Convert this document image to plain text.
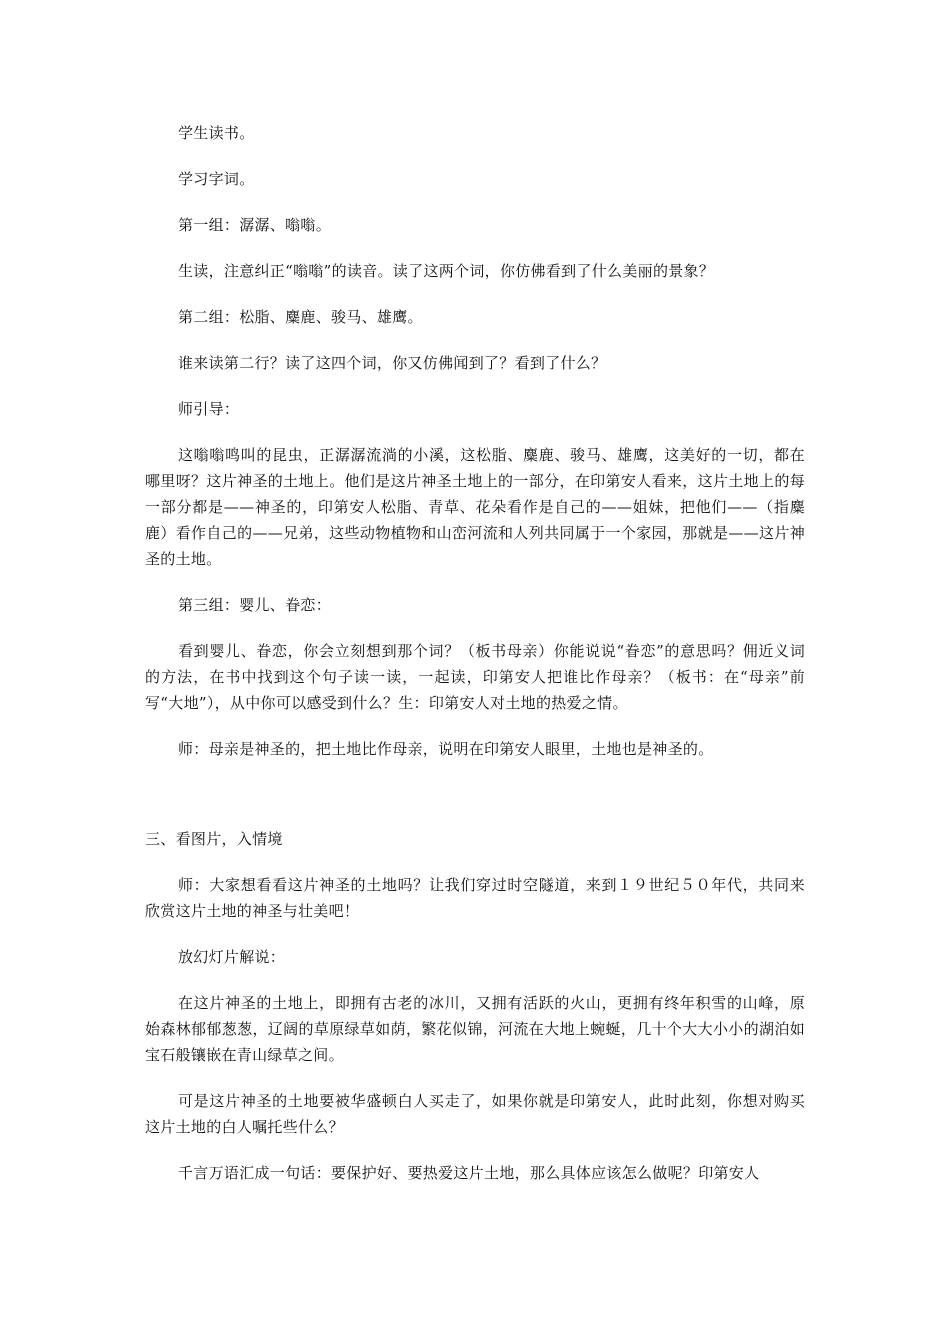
学生读书。

学习字词。

第一组：潺潺、嗡嗡。

生读，注意纠正“嗡嗡”的读音。读了这两个词，你仿佛看到了什么美丽的景象？

第二组：松脂、麋鹿、骏马、雄鹰。

谁来读第二行？读了这四个词，你又仿佛闻到了？看到了什么？

师引导：

这嗡嗡鸣叫的昆虫，正潺潺流淌的小溪，这松脂、麋鹿、骏马、雄鹰，这美好的一切，都在哪里呀？这片神圣的土地上。他们是这片神圣土地上的一部分，在印第安人看来，这片土地上的每一部分都是——神圣的，印第安人松脂、青草、花朵看作是自己的——姐妹，把他们——（指麋鹿）看作自己的——兄弟，这些动物植物和山峦河流和人列共同属于一个家园，那就是——这片神圣的土地。

第三组：婴儿、眷恋：

看到婴儿、眷恋，你会立刻想到那个词？（板书母亲）你能说说“眷恋”的意思吗？佣近义词的方法，在书中找到这个句子读一读，一起读，印第安人把谁比作母亲？（板书：在“母亲”前写“大地”），从中你可以感受到什么？生：印第安人对土地的热爱之情。

师：母亲是神圣的，把土地比作母亲，说明在印第安人眼里，土地也是神圣的。

三、看图片，入情境

师：大家想看看这片神圣的土地吗？让我们穿过时空隧道，来到１９世纪５０年代，共同来欣赏这片土地的神圣与壮美吧！

放幻灯片解说：

在这片神圣的土地上，即拥有古老的冰川，又拥有活跃的火山，更拥有终年积雪的山峰，原始森林郁郁葱葱，辽阔的草原绿草如荫，繁花似锦，河流在大地上蜿蜒，几十个大大小小的湖泊如宝石般镶嵌在青山绿草之间。

可是这片神圣的土地要被华盛顿白人买走了，如果你就是印第安人，此时此刻，你想对购买这片土地的白人嘱托些什么？

千言万语汇成一句话：要保护好、要热爱这片土地，那么具体应该怎么做呢？印第安人
